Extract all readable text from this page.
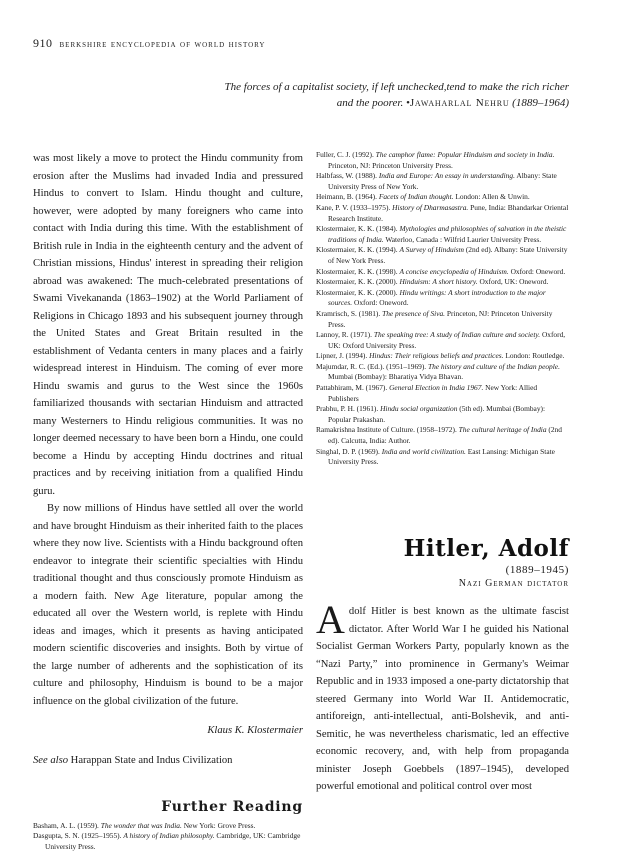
910 berkshire encyclopedia of world history
The forces of a capitalist society, if left unchecked,tend to make the rich richer and the poorer. •Jawaharlal Nehru (1889–1964)

was most likely a move to protect the Hindu community from erosion after the Muslims had invaded India and pressured Hindus to convert to Islam. Hindu thought and culture, however, were adopted by many foreigners who came into contact with India during this time. With the establishment of British rule in India in the eighteenth century and the advent of Christian missions, Hindus' interest in spreading their religion abroad was awakened: The much-celebrated presentations of Swami Vivekananda (1863–1902) at the World Parliament of Religions in Chicago 1893 and his subsequent journey through the United States and Great Britain resulted in the establishment of Vedanta centers in many places and a fairly widespread interest in Hinduism. The coming of ever more Hindu swamis and gurus to the West since the 1960s familiarized thousands with sectarian Hinduism and attracted many Westerners to Hindu religious communities. It was no longer deemed necessary to have been born a Hindu, one could become a Hindu by accepting Hindu doctrines and ritual practices and by receiving initiation from a qualified Hindu guru.

By now millions of Hindus have settled all over the world and have brought Hinduism as their inherited faith to the places where they now live. Scientists with a Hindu background often endeavor to integrate their scientific specialties with Hindu traditional thought and thus consciously promote Hinduism as a modern faith. New Age literature, popular among the educated all over the Western world, is replete with Hindu ideas and images, which it presents as having anticipated modern scientific discoveries and insights. Both by virtue of the large number of adherents and the sophistication of its culture and philosophy, Hinduism is bound to be a major influence on the global civilization of the future.

Klaus K. Klostermaier

See also Harappan State and Indus Civilization

Further Reading

Basham, A. L. (1959). The wonder that was India. New York: Grove Press.

Dasgupta, S. N. (1925–1955). A history of Indian philosophy. Cambridge, UK: Cambridge University Press.

Fuller, C. J. (1992). The camphor flame: Popular Hinduism and society in India. Princeton, NJ: Princeton University Press.

Halbfass, W. (1988). India and Europe: An essay in understanding. Albany: State University Press of New York.

Heimann, B. (1964). Facets of Indian thought. London: Allen & Unwin.

Kane, P. V. (1933–1975). History of Dharmasastra. Pune, India: Bhandarkar Oriental Research Institute.

Klostermaier, K. K. (1984). Mythologies and philosophies of salvation in the theistic traditions of India. Waterloo, Canada : Wilfrid Laurier University Press.

Klostermaier, K. K. (1994). A Survey of Hinduism (2nd ed). Albany: State University of New York Press.

Klostermaier, K. K. (1998). A concise encyclopedia of Hinduism. Oxford: Oneword.

Klostermaier, K. K. (2000). Hinduism: A short history. Oxford, UK: Oneword.

Klostermaier, K. K. (2000). Hindu writings: A short introduction to the major sources. Oxford: Oneword.

Kramrisch, S. (1981). The presence of Siva. Princeton, NJ: Princeton University Press.

Lannoy, R. (1971). The speaking tree: A study of Indian culture and society. Oxford, UK: Oxford University Press.

Lipner, J. (1994). Hindus: Their religious beliefs and practices. London: Routledge.

Majumdar, R. C. (Ed.). (1951–1969). The history and culture of the Indian people. Mumbai (Bombay): Bharatiya Vidya Bhavan.

Pattabhiram, M. (1967). General Election in India 1967. New York: Allied Publishers

Prabhu, P. H. (1961). Hindu social organization (5th ed). Mumbai (Bombay): Popular Prakashan.

Ramakrishna Institute of Culture. (1958–1972). The cultural heritage of India (2nd ed). Calcutta, India: Author.

Singhal, D. P. (1969). India and world civilization. East Lansing: Michigan State University Press.

Hitler, Adolf
(1889–1945)
Nazi German dictator

Adolf Hitler is best known as the ultimate fascist dictator. After World War I he guided his National Socialist German Workers Party, popularly known as the “Nazi Party,” into prominence in Germany's Weimar Republic and in 1933 imposed a one-party dictatorship that steered Germany into World War II. Antidemocratic, antiforeign, anti-intellectual, anti-Bolshevik, and anti-Semitic, he was nevertheless charismatic, led an effective economic recovery, and, with help from propaganda minister Joseph Goebbels (1897–1945), developed powerful emotional and political control over most
